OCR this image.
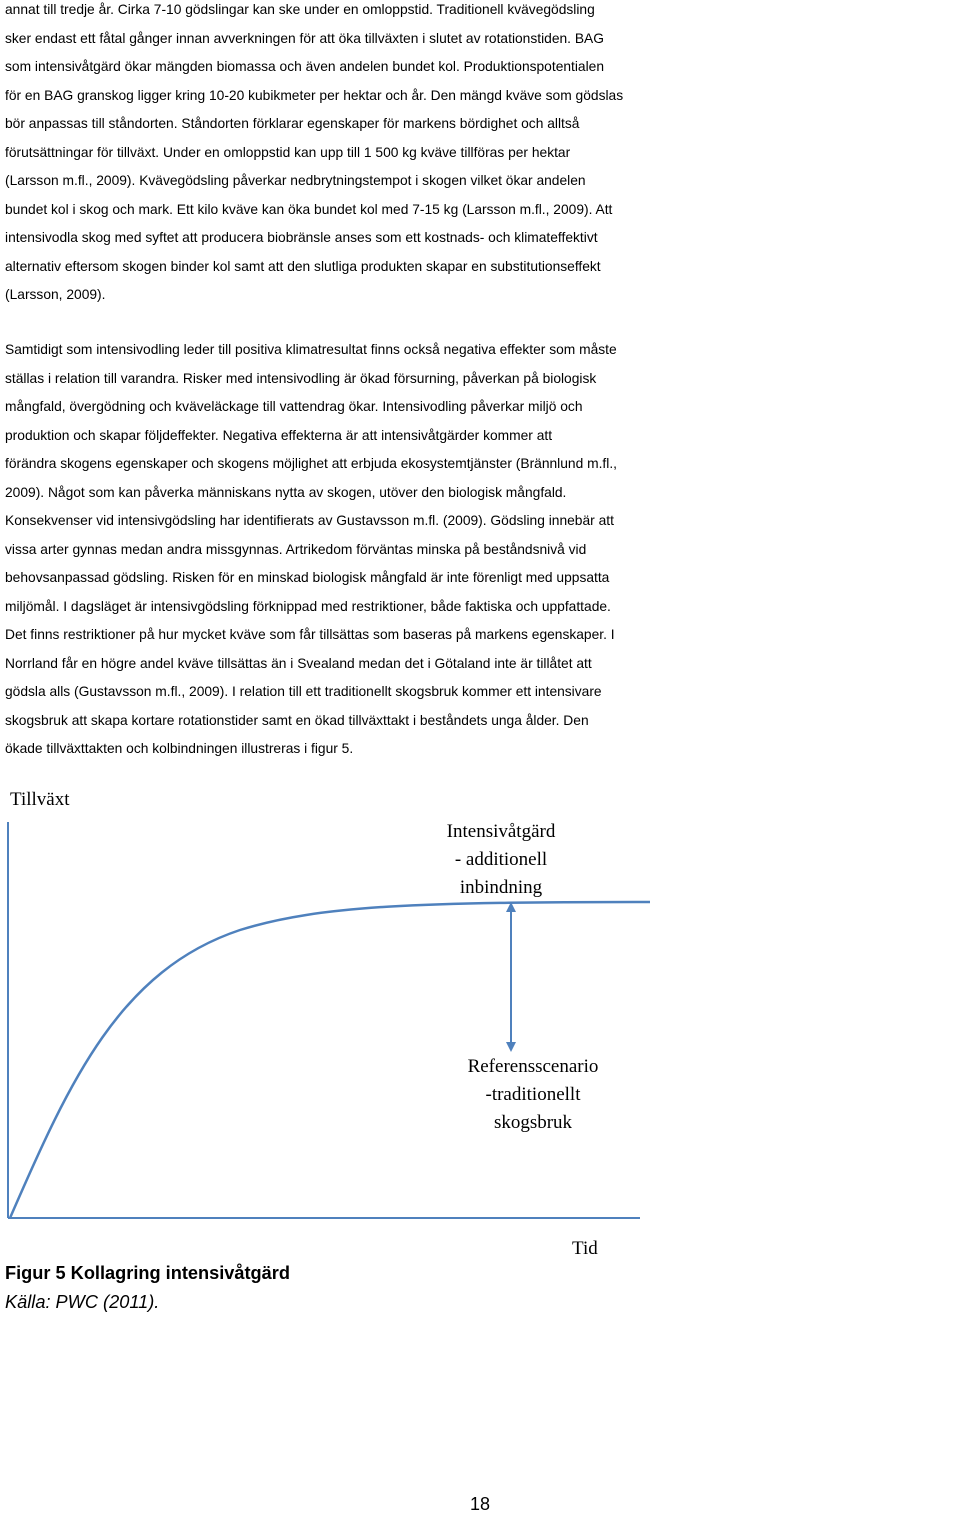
annat till tredje år. Cirka 7-10 gödslingar kan ske under en omloppstid. Traditionell kvävegödsling
sker endast ett fåtal gånger innan avverkningen för att öka tillväxten i slutet av rotationstiden. BAG
som intensivåtgärd ökar mängden biomassa och även andelen bundet kol. Produktionspotentialen
för en BAG granskog ligger kring 10-20 kubikmeter per hektar och år. Den mängd kväve som gödslas
bör anpassas till ståndorten. Ståndorten förklarar egenskaper för markens bördighet och alltså
förutsättningar för tillväxt. Under en omloppstid kan upp till 1 500 kg kväve tillföras per hektar
(Larsson m.fl., 2009). Kvävegödsling påverkar nedbrytningstempot i skogen vilket ökar andelen
bundet kol i skog och mark. Ett kilo kväve kan öka bundet kol med 7-15 kg (Larsson m.fl., 2009). Att
intensivodla skog med syftet att producera biobränsle anses som ett kostnads- och klimateffektivt
alternativ eftersom skogen binder kol samt att den slutliga produkten skapar en substitutionseffekt
(Larsson, 2009).
Samtidigt som intensivodling leder till positiva klimatresultat finns också negativa effekter som måste
ställas i relation till varandra. Risker med intensivodling är ökad försurning, påverkan på biologisk
mångfald, övergödning och kväveläckage till vattendrag ökar. Intensivodling påverkar miljö och
produktion och skapar följdeffekter. Negativa effekterna är att intensivåtgärder kommer att
förändra skogens egenskaper och skogens möjlighet att erbjuda ekosystemtjänster (Brännlund m.fl.,
2009). Något som kan påverka människans nytta av skogen, utöver den biologisk mångfald.
Konsekvenser vid intensivgödsling har identifierats av Gustavsson m.fl. (2009). Gödsling innebär att
vissa arter gynnas medan andra missgynnas. Artrikedom förväntas minska på beståndsnivå vid
behovsanpassad gödsling. Risken för en minskad biologisk mångfald är inte förenligt med uppsatta
miljömål. I dagsläget är intensivgödsling förknippad med restriktioner, både faktiska och uppfattade.
Det finns restriktioner på hur mycket kväve som får tillsättas som baseras på markens egenskaper. I
Norrland får en högre andel kväve tillsättas än i Svealand medan det i Götaland inte är tillåtet att
gödsla alls (Gustavsson m.fl., 2009). I relation till ett traditionellt skogsbruk kommer ett intensivare
skogsbruk att skapa kortare rotationstider samt en ökad tillväxttakt i beståndets unga ålder. Den
ökade tillväxttakten och kolbindningen illustreras i figur 5.
Tillväxt
Tid
Intensivåtgärd
- additionell
inbindning
Referensscenario
-traditionellt
skogsbruk
Figur 5 Kollagring intensivåtgärd
Källa: PWC (2011).
18
